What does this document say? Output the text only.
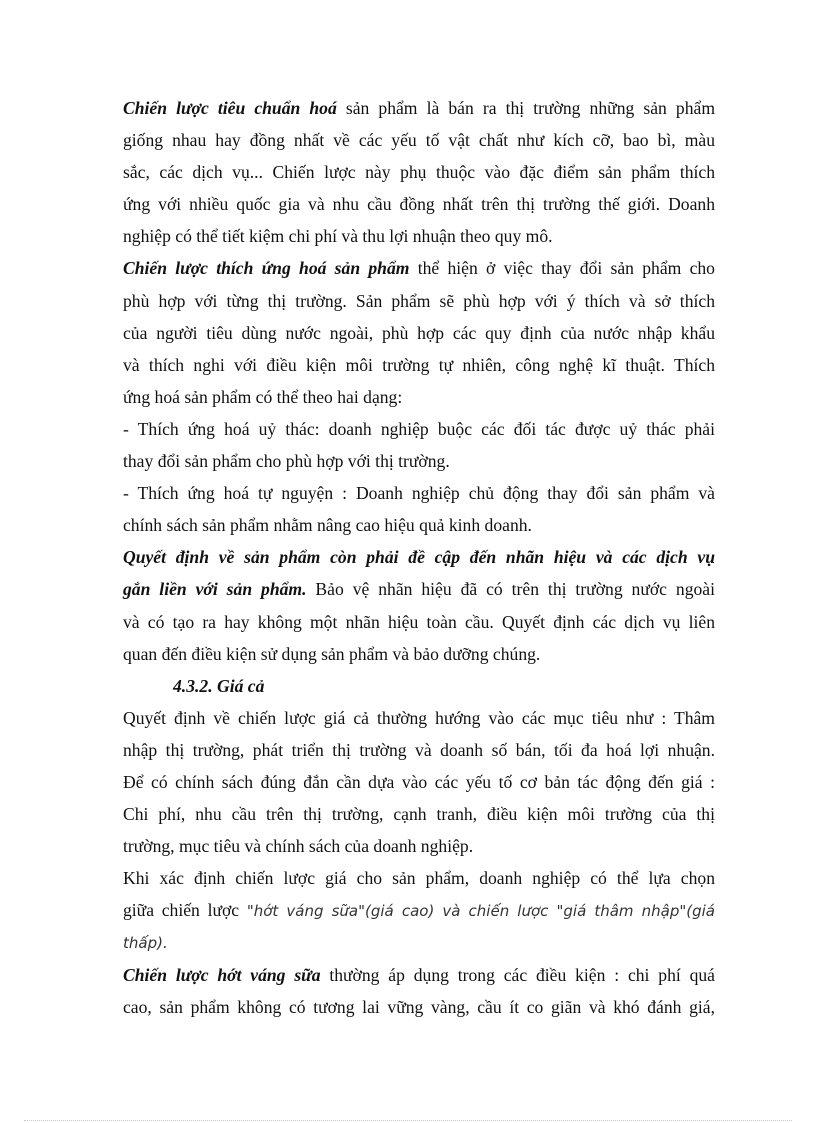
Chiến lược tiêu chuẩn hoá sản phẩm là bán ra thị trường những sản phẩm
giống nhau hay đồng nhất về các yếu tố vật chất như kích cỡ, bao bì, màu
sắc, các dịch vụ... Chiến lược này phụ thuộc vào đặc điểm sản phẩm thích
ứng với nhiều quốc gia và nhu cầu đồng nhất trên thị trường thế giới. Doanh
nghiệp có thể tiết kiệm chi phí và thu lợi nhuận theo quy mô.
Chiến lược thích ứng hoá sản phẩm thể hiện ở việc thay đổi sản phẩm cho
phù hợp với từng thị trường. Sản phẩm sẽ phù hợp với ý thích và sở thích
của người tiêu dùng nước ngoài, phù hợp các quy định của nước nhập khẩu
và thích nghi với điều kiện môi trường tự nhiên, công nghệ kĩ thuật. Thích
ứng hoá sản phẩm có thể theo hai dạng:
- Thích ứng hoá uỷ thác: doanh nghiệp buộc các đối tác được uỷ thác phải
thay đổi sản phẩm cho phù hợp với thị trường.
- Thích ứng hoá tự nguyện : Doanh nghiệp chủ động thay đổi sản phẩm và
chính sách sản phẩm nhằm nâng cao hiệu quả kinh doanh.
Quyết định về sản phẩm còn phải đề cập đến nhãn hiệu và các dịch vụ
gắn liền với sản phẩm. Bảo vệ nhãn hiệu đã có trên thị trường nước ngoài
và có tạo ra hay không một nhãn hiệu toàn cầu. Quyết định các dịch vụ liên
quan đến điều kiện sử dụng sản phẩm và bảo dưỡng chúng.
4.3.2. Giá cả
Quyết định về chiến lược giá cả thường hướng vào các mục tiêu như : Thâm
nhập thị trường, phát triển thị trường và doanh số bán, tối đa hoá lợi nhuận.
Để có chính sách đúng đắn cần dựa vào các yếu tố cơ bản tác động đến giá :
Chi phí, nhu cầu trên thị trường, cạnh tranh, điều kiện môi trường của thị
trường, mục tiêu và chính sách của doanh nghiệp.
Khi xác định chiến lược giá cho sản phẩm, doanh nghiệp có thể lựa chọn
giữa chiến lược "hớt váng sữa"(giá cao) và chiến lược "giá thâm nhập"(giá
thấp).
Chiến lược hớt váng sữa thường áp dụng trong các điều kiện : chi phí quá
cao, sản phẩm không có tương lai vững vàng, cầu ít co giãn và khó đánh giá,
